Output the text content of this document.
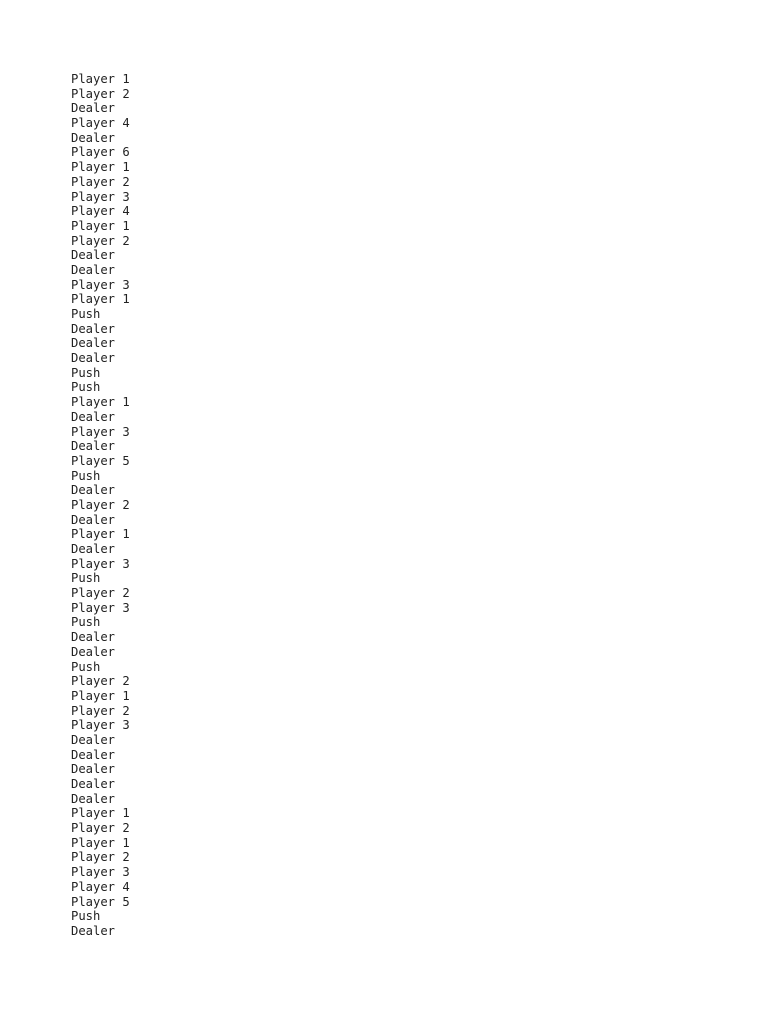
Player 1
Player 2
Dealer
Player 4
Dealer
Player 6
Player 1
Player 2
Player 3
Player 4
Player 1
Player 2
Dealer
Dealer
Player 3
Player 1
Push
Dealer
Dealer
Dealer
Push
Push
Player 1
Dealer
Player 3
Dealer
Player 5
Push
Dealer
Player 2
Dealer
Player 1
Dealer
Player 3
Push
Player 2
Player 3
Push
Dealer
Dealer
Push
Player 2
Player 1
Player 2
Player 3
Dealer
Dealer
Dealer
Dealer
Dealer
Player 1
Player 2
Player 1
Player 2
Player 3
Player 4
Player 5
Push
Dealer
